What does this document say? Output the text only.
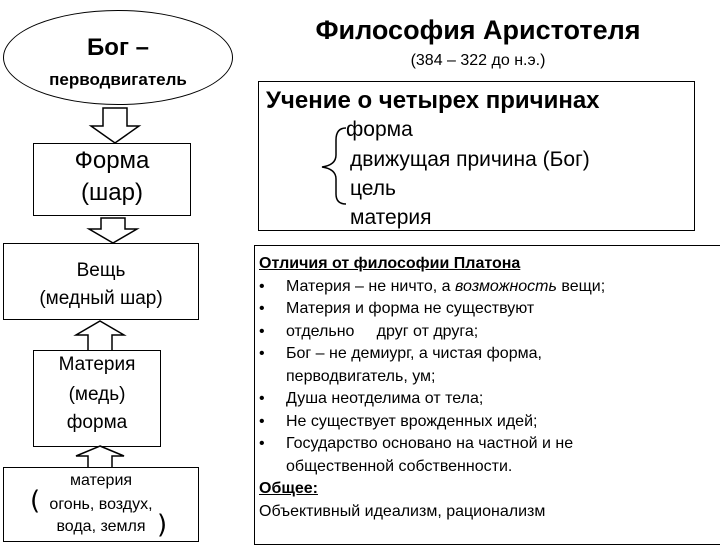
Философия Аристотеля
(384 – 322 до н.э.)
Бог –
перводвигатель
Форма
(шар)
Вещь
(медный шар)
Материя
(медь)
форма
материя
( огонь, воздух,
вода, земля )
Учение о четырех причинах
форма
движущая причина (Бог)
цель
материя
Отличия от философии Платона
• Материя – не ничто, а возможность вещи;
• Материя и форма не существуют
• отдельно     друг от друга;
• Бог – не демиург, а чистая форма,
перводвигатель, ум;
• Душа неотделима от тела;
• Не существует врожденных идей;
• Государство основано на частной и не
общественной собственности.
Общее:
Объективный идеализм, рационализм
